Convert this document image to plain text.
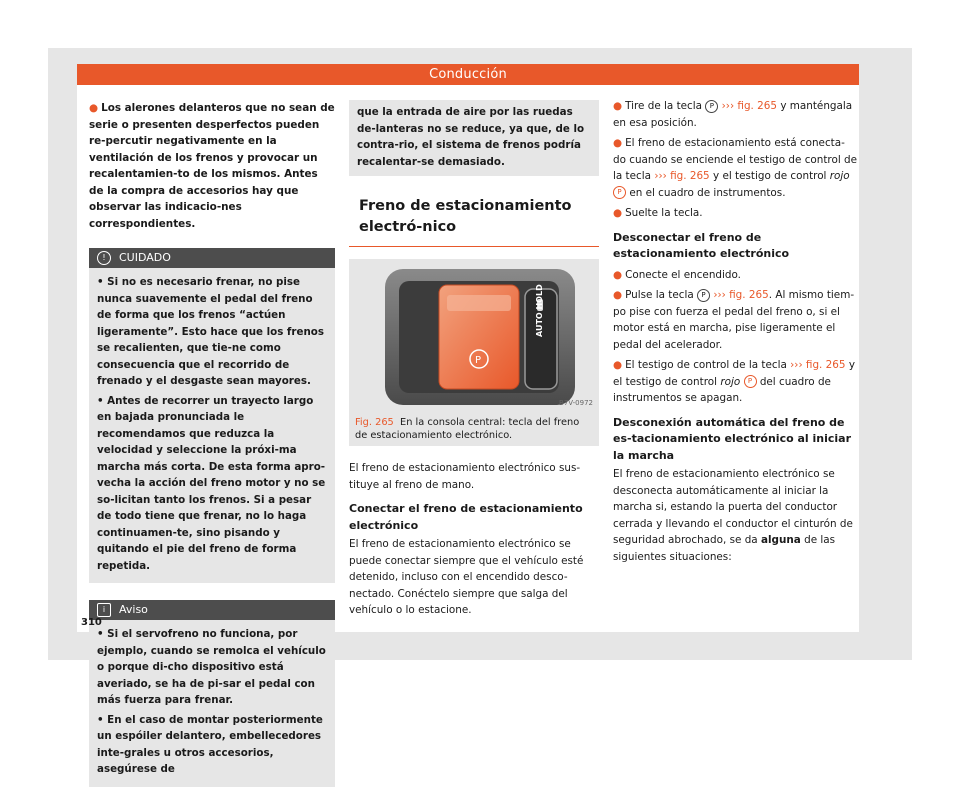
Conducción

● Los alerones delanteros que no sean de serie o presenten desperfectos pueden re-percutir negativamente en la ventilación de los frenos y provocar un recalentamien-to de los mismos. Antes de la compra de accesorios hay que observar las indicacio-nes correspondientes.

! CUIDADO

• Si no es necesario frenar, no pise nunca suavemente el pedal del freno de forma que los frenos “actúen ligeramente”. Esto hace que los frenos se recalienten, que tie-ne como consecuencia que el recorrido de frenado y el desgaste sean mayores.

• Antes de recorrer un trayecto largo en bajada pronunciada le recomendamos que reduzca la velocidad y seleccione la próxi-ma marcha más corta. De esta forma apro-vecha la acción del freno motor y no se so-licitan tanto los frenos. Si a pesar de todo tiene que frenar, no lo haga continuamen-te, sino pisando y quitando el pie del freno de forma repetida.

i Aviso

• Si el servofreno no funciona, por ejemplo, cuando se remolca el vehículo o porque di-cho dispositivo está averiado, se ha de pi-sar el pedal con más fuerza para frenar.

• En el caso de montar posteriormente un espóiler delantero, embellecedores inte-grales u otros accesorios, asegúrese de

que la entrada de aire por las ruedas de-lanteras no se reduce, ya que, de lo contra-rio, el sistema de frenos podría recalentar-se demasiado.
Freno de estacionamiento electró-nico
P
AUTO HOLD
B7V-0972
Fig. 265 En la consola central: tecla del freno de estacionamiento electrónico.

El freno de estacionamiento electrónico sus-tituye al freno de mano.

Conectar el freno de estacionamiento electrónico

El freno de estacionamiento electrónico se puede conectar siempre que el vehículo esté detenido, incluso con el encendido desco-nectado. Conéctelo siempre que salga del vehículo o lo estacione.

● Tire de la tecla P ››› fig. 265 y manténgala en esa posición.

● El freno de estacionamiento está conecta-do cuando se enciende el testigo de control de la tecla ››› fig. 265 y el testigo de control rojo P en el cuadro de instrumentos.

● Suelte la tecla.

Desconectar el freno de estacionamiento electrónico

● Conecte el encendido.

● Pulse la tecla P ››› fig. 265. Al mismo tiem-po pise con fuerza el pedal del freno o, si el motor está en marcha, pise ligeramente el pedal del acelerador.

● El testigo de control de la tecla ››› fig. 265 y el testigo de control rojo P del cuadro de instrumentos se apagan.

Desconexión automática del freno de es-tacionamiento electrónico al iniciar la marcha

El freno de estacionamiento electrónico se desconecta automáticamente al iniciar la marcha si, estando la puerta del conductor cerrada y llevando el conductor el cinturón de seguridad abrochado, se da alguna de las siguientes situaciones:

310
